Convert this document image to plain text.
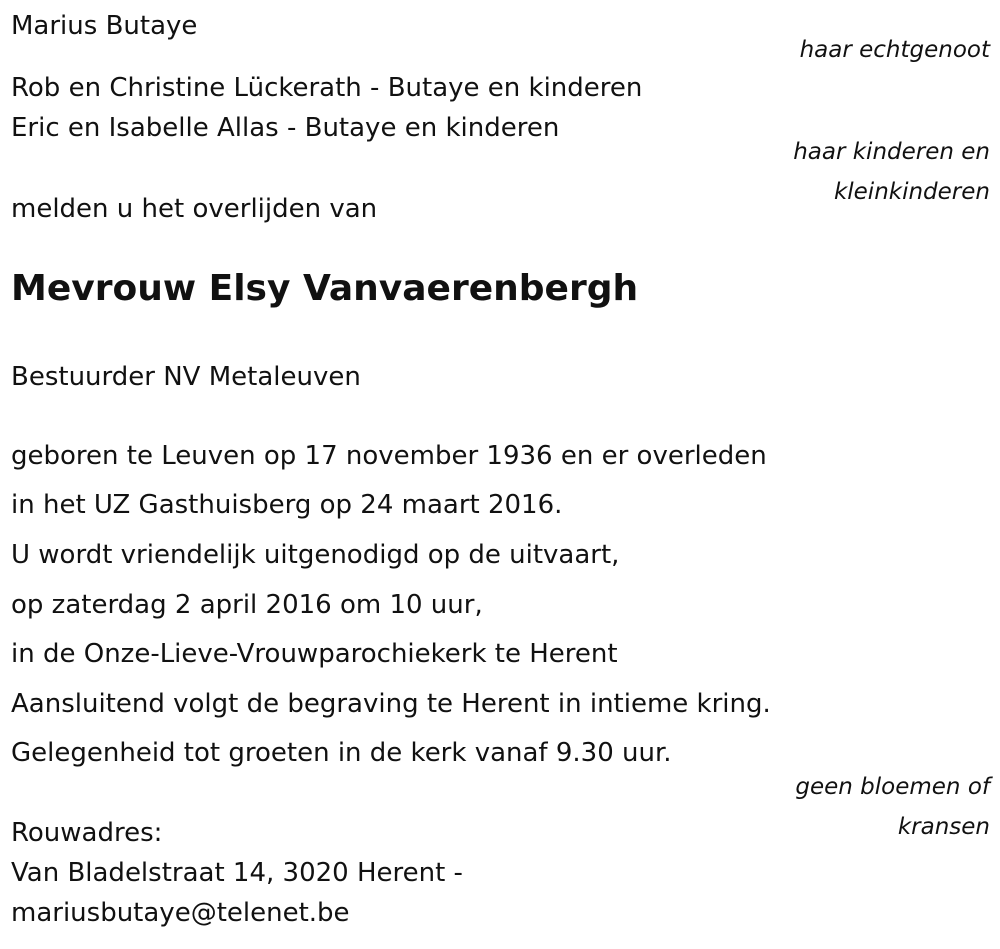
Marius Butaye
haar echtgenoot
Rob en Christine Lückerath - Butaye en kinderen
Eric en Isabelle Allas - Butaye en kinderen
haar kinderen en
kleinkinderen
melden u het overlijden van
Mevrouw Elsy Vanvaerenbergh
Bestuurder NV Metaleuven
geboren te Leuven op 17 november 1936 en er overleden
in het UZ Gasthuisberg op 24 maart 2016.
U wordt vriendelijk uitgenodigd op de uitvaart,
op zaterdag 2 april 2016 om 10 uur,
in de Onze-Lieve-Vrouwparochiekerk te Herent
Aansluitend volgt de begraving te Herent in intieme kring.
Gelegenheid tot groeten in de kerk vanaf 9.30 uur.
geen bloemen of
kransen
Rouwadres:
Van Bladelstraat 14, 3020 Herent -
mariusbutaye@telenet.be
